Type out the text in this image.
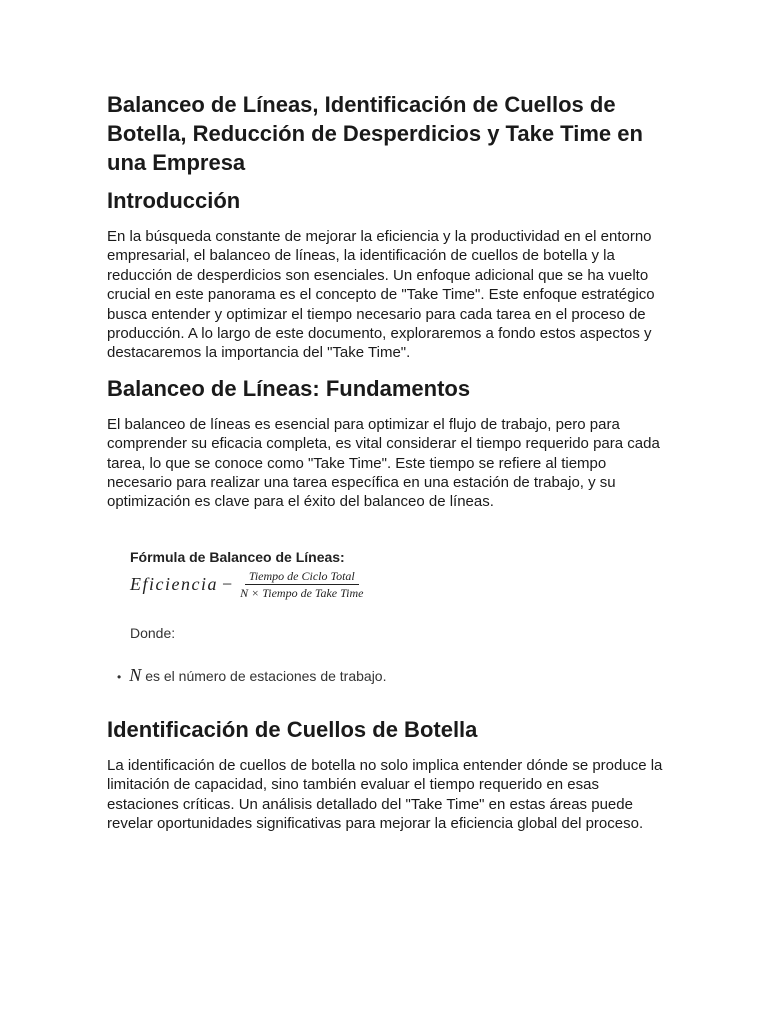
Balanceo de Líneas, Identificación de Cuellos de Botella, Reducción de Desperdicios y Take Time en una Empresa
Introducción

En la búsqueda constante de mejorar la eficiencia y la productividad en el entorno empresarial, el balanceo de líneas, la identificación de cuellos de botella y la reducción de desperdicios son esenciales. Un enfoque adicional que se ha vuelto crucial en este panorama es el concepto de "Take Time". Este enfoque estratégico busca entender y optimizar el tiempo necesario para cada tarea en el proceso de producción. A lo largo de este documento, exploraremos a fondo estos aspectos y destacaremos la importancia del "Take Time".

Balanceo de Líneas: Fundamentos

El balanceo de líneas es esencial para optimizar el flujo de trabajo, pero para comprender su eficacia completa, es vital considerar el tiempo requerido para cada tarea, lo que se conoce como "Take Time". Este tiempo se refiere al tiempo necesario para realizar una tarea específica en una estación de trabajo, y su optimización es clave para el éxito del balanceo de líneas.

Fórmula de Balanceo de Líneas:
Eficiencia − $\frac{\text{Tiempo de Ciclo Total}}{\text{N × Tiempo de Take Time}}$
Donde:
• N es el número de estaciones de trabajo.
Identificación de Cuellos de Botella

La identificación de cuellos de botella no solo implica entender dónde se produce la limitación de capacidad, sino también evaluar el tiempo requerido en esas estaciones críticas. Un análisis detallado del "Take Time" en estas áreas puede revelar oportunidades significativas para mejorar la eficiencia global del proceso.
